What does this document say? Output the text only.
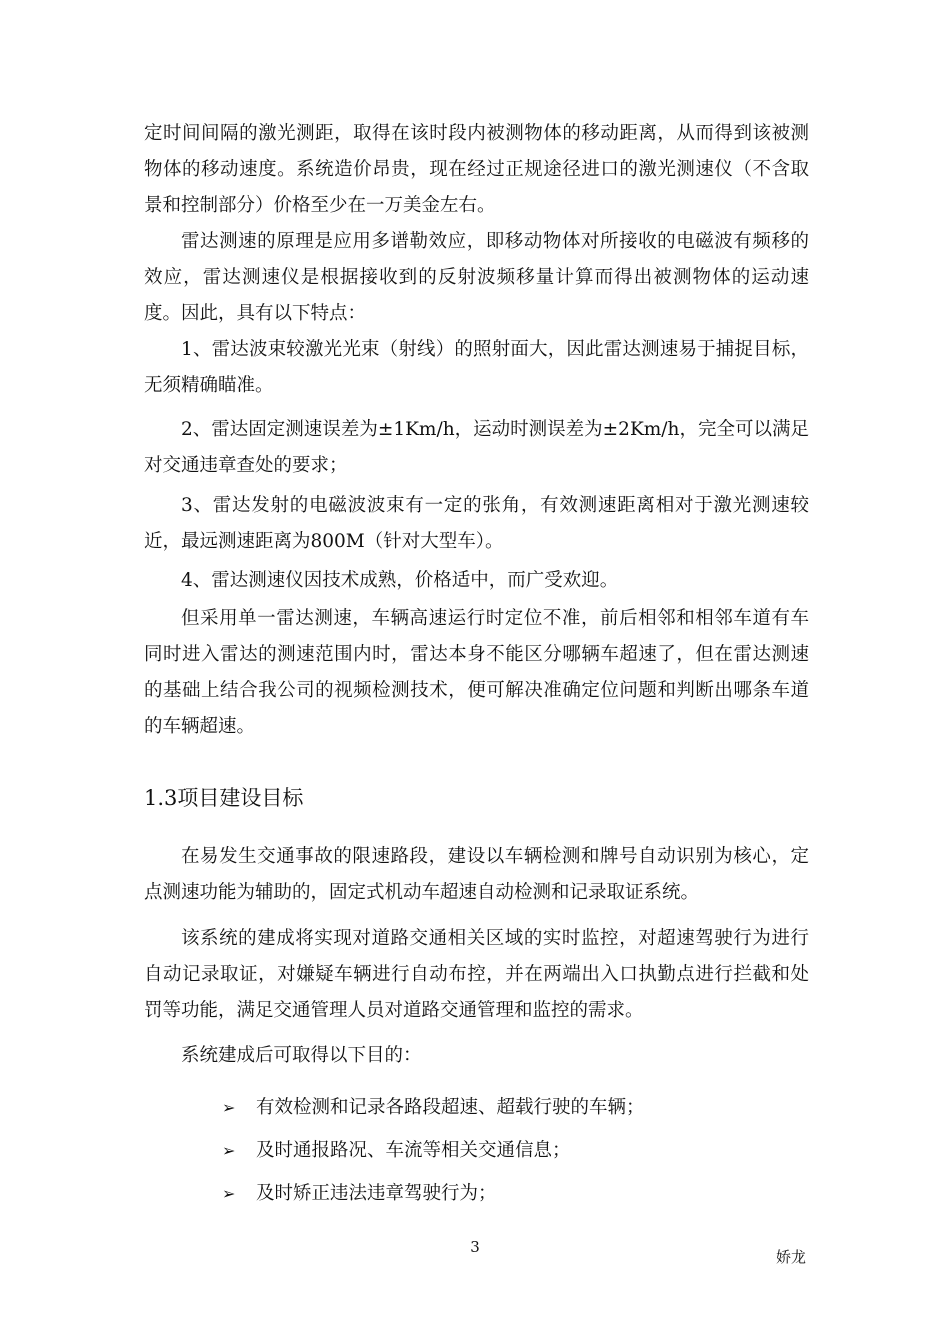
定时间间隔的激光测距，取得在该时段内被测物体的移动距离，从而得到该被测物体的移动速度。系统造价昂贵，现在经过正规途径进口的激光测速仪（不含取景和控制部分）价格至少在一万美金左右。

雷达测速的原理是应用多谱勒效应，即移动物体对所接收的电磁波有频移的效应，雷达测速仪是根据接收到的反射波频移量计算而得出被测物体的运动速度。因此，具有以下特点：

1、雷达波束较激光光束（射线）的照射面大，因此雷达测速易于捕捉目标，无须精确瞄准。

2、雷达固定测速误差为±1Km/h，运动时测误差为±2Km/h，完全可以满足对交通违章查处的要求；

3、雷达发射的电磁波波束有一定的张角，有效测速距离相对于激光测速较近，最远测速距离为800M（针对大型车）。

4、雷达测速仪因技术成熟，价格适中，而广受欢迎。

但采用单一雷达测速，车辆高速运行时定位不准，前后相邻和相邻车道有车同时进入雷达的测速范围内时，雷达本身不能区分哪辆车超速了，但在雷达测速的基础上结合我公司的视频检测技术，便可解决准确定位问题和判断出哪条车道的车辆超速。

1.3项目建设目标

在易发生交通事故的限速路段，建设以车辆检测和牌号自动识别为核心，定点测速功能为辅助的，固定式机动车超速自动检测和记录取证系统。

该系统的建成将实现对道路交通相关区域的实时监控，对超速驾驶行为进行自动记录取证，对嫌疑车辆进行自动布控，并在两端出入口执勤点进行拦截和处罚等功能，满足交通管理人员对道路交通管理和监控的需求。

系统建成后可取得以下目的：

➢ 有效检测和记录各路段超速、超载行驶的车辆；
➢ 及时通报路况、车流等相关交通信息；
➢ 及时矫正违法违章驾驶行为；
3
娇龙
